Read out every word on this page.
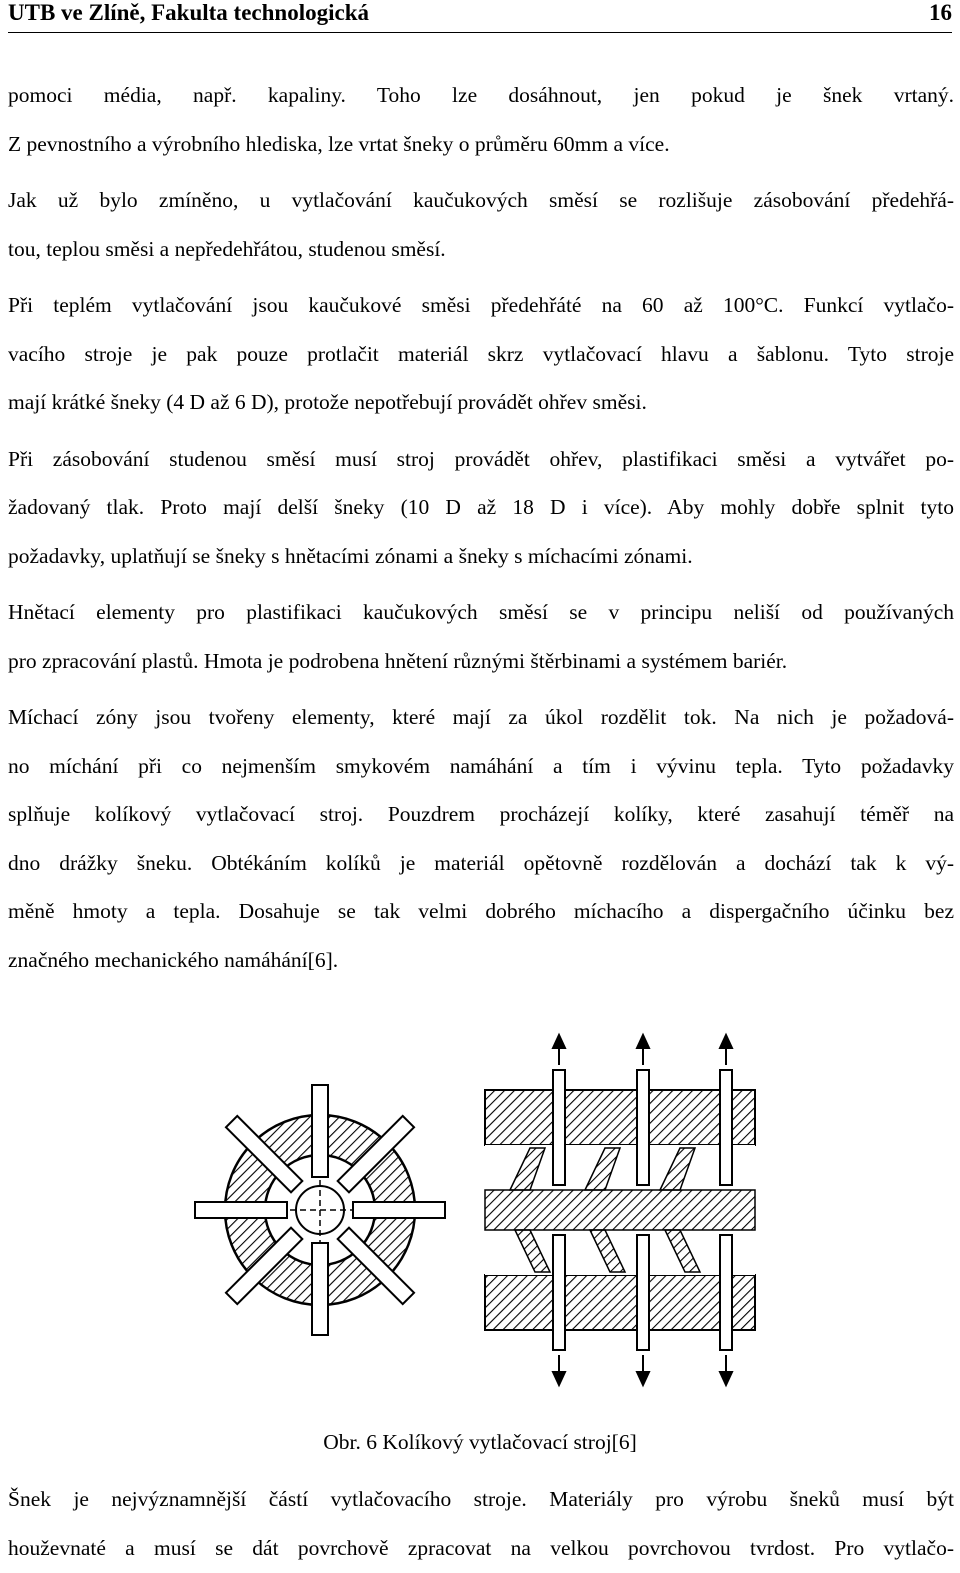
UTB ve Zlíně, Fakulta technologická	16
pomoci média, např. kapaliny. Toho lze dosáhnout, jen pokud je šnek vrtaný.
Z pevnostního a výrobního hlediska, lze vrtat šneky o průměru 60mm a více.
Jak už bylo zmíněno, u vytlačování kaučukových směsí se rozlišuje zásobování předehřá-
tou, teplou směsi a nepředehřátou, studenou směsí.
Při teplém vytlačování jsou kaučukové směsi předehřáté na 60 až 100°C. Funkcí vytlačo-
vacího stroje je pak pouze protlačit materiál skrz vytlačovací hlavu a šablonu. Tyto stroje
mají krátké šneky (4 D až 6 D), protože nepotřebují provádět ohřev směsi.
Při zásobování studenou směsí musí stroj provádět ohřev, plastifikaci směsi a vytvářet po-
žadovaný tlak. Proto mají delší šneky (10 D až 18 D i více). Aby mohly dobře splnit tyto
požadavky, uplatňují se šneky s hnětacími zónami a šneky s míchacími zónami.
Hnětací elementy pro plastifikaci kaučukových směsí se v principu neliší od používaných
pro zpracování plastů. Hmota je podrobena hnětení různými štěrbinami a systémem bariér.
Míchací zóny jsou tvořeny elementy, které mají za úkol rozdělit tok. Na nich je požadová-
no míchání při co nejmenším smykovém namáhání a tím i vývinu tepla. Tyto požadavky
splňuje kolíkový vytlačovací stroj. Pouzdrem procházejí kolíky, které zasahují téměř na
dno drážky šneku. Obtékáním kolíků je materiál opětovně rozdělován a dochází tak k vý-
měně hmoty a tepla. Dosahuje se tak velmi dobrého míchacího a dispergačního účinku bez
značného mechanického namáhání[6].
Obr. 6 Kolíkový vytlačovací stroj[6]
Šnek je nejvýznamnější částí vytlačovacího stroje. Materiály pro výrobu šneků musí být
houževnaté a musí se dát povrchově zpracovat na velkou povrchovou tvrdost. Pro vytlačo-
